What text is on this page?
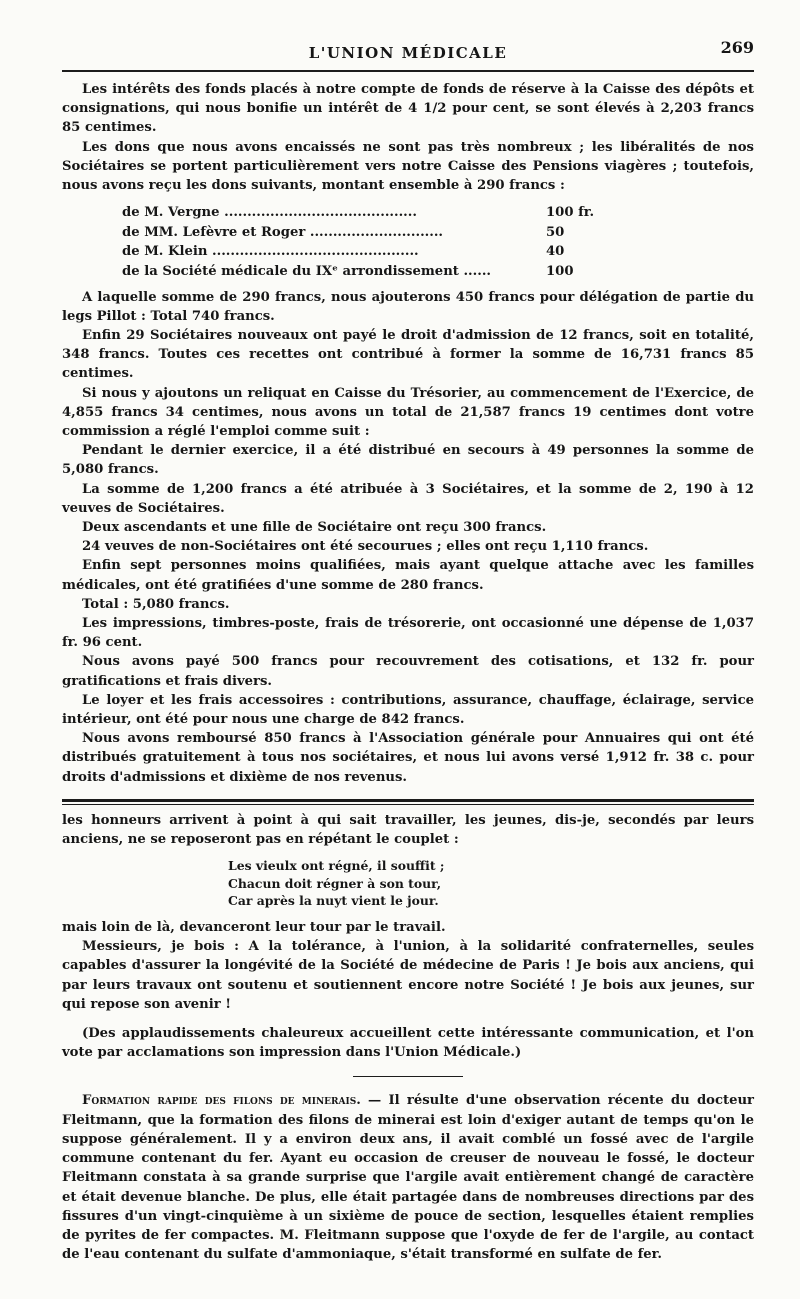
L'UNION MÉDICALE	269

Les intérêts des fonds placés à notre compte de fonds de réserve à la Caisse des dépôts et consignations, qui nous bonifie un intérêt de 4 1/2 pour cent, se sont élevés à 2,203 francs 85 centimes.

Les dons que nous avons encaissés ne sont pas très nombreux ; les libéralités de nos Sociétaires se portent particulièrement vers notre Caisse des Pensions viagères ; toutefois, nous avons reçu les dons suivants, montant ensemble à 290 francs :

de M. Vergne ..........................................	100 fr.
de MM. Lefèvre et Roger .............................	50
de M. Klein .............................................	40
de la Société médicale du IXᵉ arrondissement ......	100

A laquelle somme de 290 francs, nous ajouterons 450 francs pour délégation de partie du legs Pillot : Total 740 francs.

Enfin 29 Sociétaires nouveaux ont payé le droit d'admission de 12 francs, soit en totalité, 348 francs. Toutes ces recettes ont contribué à former la somme de 16,731 francs 85 centimes.

Si nous y ajoutons un reliquat en Caisse du Trésorier, au commencement de l'Exercice, de 4,855 francs 34 centimes, nous avons un total de 21,587 francs 19 centimes dont votre commission a réglé l'emploi comme suit :

Pendant le dernier exercice, il a été distribué en secours à 49 personnes la somme de 5,080 francs.

La somme de 1,200 francs a été atribuée à 3 Sociétaires, et la somme de 2, 190 à 12 veuves de Sociétaires.

Deux ascendants et une fille de Sociétaire ont reçu 300 francs.

24 veuves de non-Sociétaires ont été secourues ; elles ont reçu 1,110 francs.

Enfin sept personnes moins qualifiées, mais ayant quelque attache avec les familles médicales, ont été gratifiées d'une somme de 280 francs.

Total : 5,080 francs.

Les impressions, timbres-poste, frais de trésorerie, ont occasionné une dépense de 1,037 fr. 96 cent.

Nous avons payé 500 francs pour recouvrement des cotisations, et 132 fr. pour gratifications et frais divers.

Le loyer et les frais accessoires : contributions, assurance, chauffage, éclairage, service intérieur, ont été pour nous une charge de 842 francs.

Nous avons remboursé 850 francs à l'Association générale pour Annuaires qui ont été distribués gratuitement à tous nos sociétaires, et nous lui avons versé 1,912 fr. 38 c. pour droits d'admissions et dixième de nos revenus.

les honneurs arrivent à point à qui sait travailler, les jeunes, dis-je, secondés par leurs anciens, ne se reposeront pas en répétant le couplet :

Les vieulx ont régné, il souffit ;
Chacun doit régner à son tour,
Car après la nuyt vient le jour.

mais loin de là, devanceront leur tour par le travail.

Messieurs, je bois : A la tolérance, à l'union, à la solidarité confraternelles, seules capables d'assurer la longévité de la Société de médecine de Paris ! Je bois aux anciens, qui par leurs travaux ont soutenu et soutiennent encore notre Société ! Je bois aux jeunes, sur qui repose son avenir !

(Des applaudissements chaleureux accueillent cette intéressante communication, et l'on vote par acclamations son impression dans l'Union Médicale.)

Formation rapide des filons de minerais. — Il résulte d'une observation récente du docteur Fleitmann, que la formation des filons de minerai est loin d'exiger autant de temps qu'on le suppose généralement. Il y a environ deux ans, il avait comblé un fossé avec de l'argile commune contenant du fer. Ayant eu occasion de creuser de nouveau le fossé, le docteur Fleitmann constata à sa grande surprise que l'argile avait entièrement changé de caractère et était devenue blanche. De plus, elle était partagée dans de nombreuses directions par des fissures d'un vingt-cinquième à un sixième de pouce de section, lesquelles étaient remplies de pyrites de fer compactes. M. Fleitmann suppose que l'oxyde de fer de l'argile, au contact de l'eau contenant du sulfate d'ammoniaque, s'était transformé en sulfate de fer.
